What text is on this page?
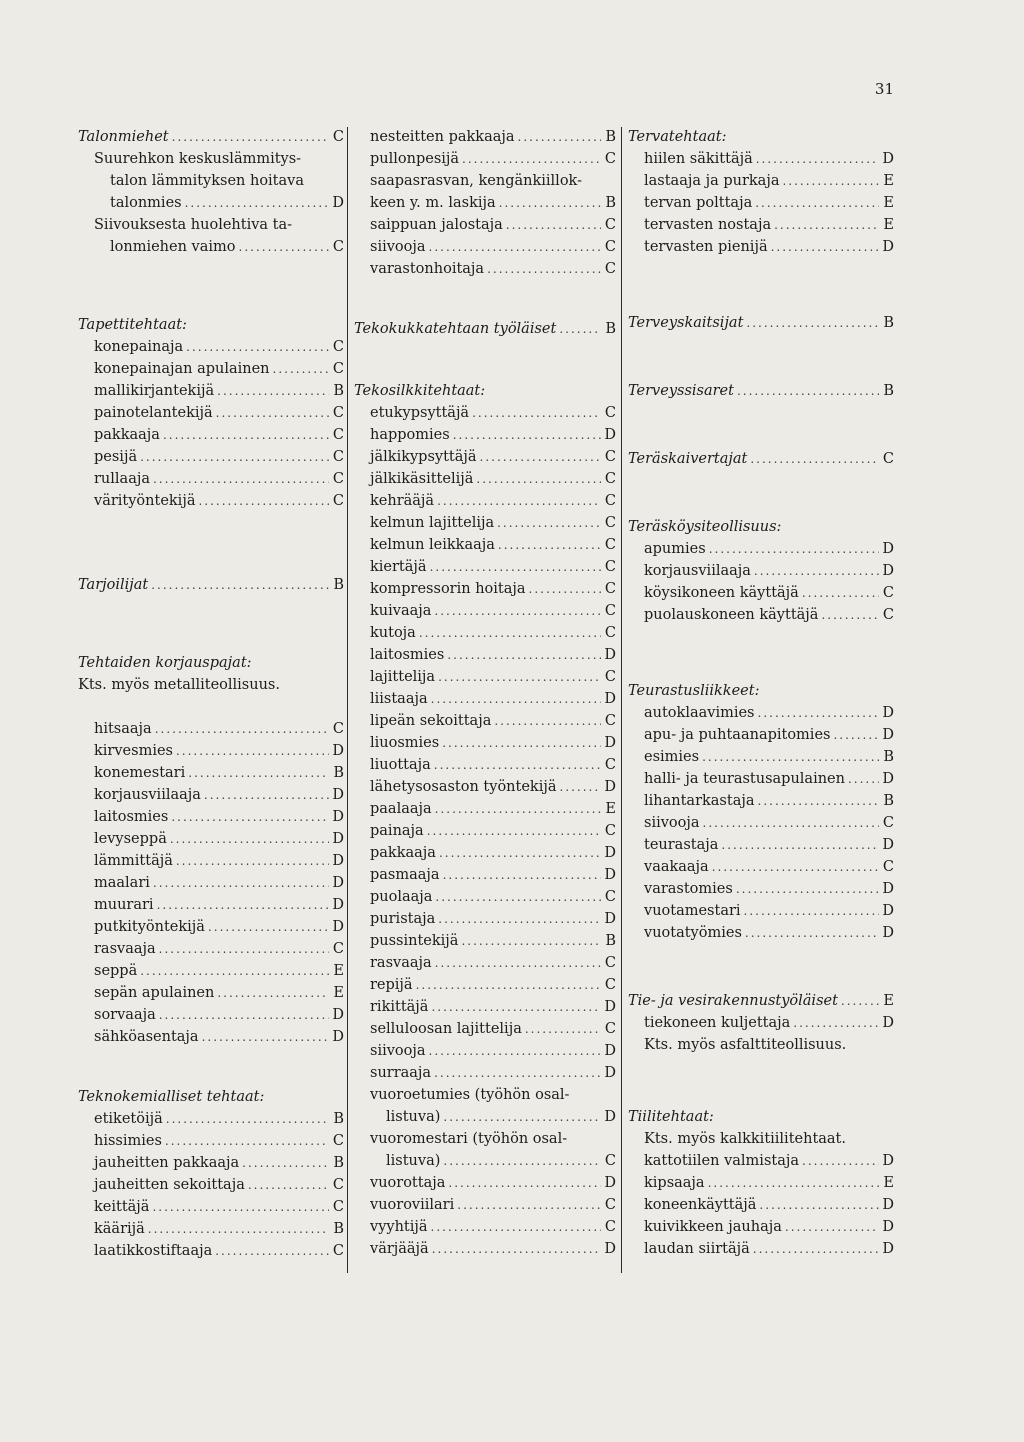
31
Talonmiehet .....	C
Suurehkon keskuslämmitys-
talon lämmityksen hoitava
talonmies .....	D
Siivouksesta huolehtiva ta-
lonmiehen vaimo .....	C
Tapettitehtaat:
konepainaja .....	C
konepainajan apulainen .....	C
mallikirjantekijä .....	B
painotelantekijä .....	C
pakkaaja .....	C
pesijä .....	C
rullaaja .....	C
värityöntekijä .....	C
Tarjoilijat .....	B
Tehtaiden korjauspajat:
Kts. myös metalliteollisuus.
hitsaaja .....	C
kirvesmies .....	D
konemestari .....	B
korjausviilaaja .....	D
laitosmies .....	D
levyseppä .....	D
lämmittäjä .....	D
maalari .....	D
muurari .....	D
putkityöntekijä .....	D
rasvaaja .....	C
seppä .....	E
sepän apulainen .....	E
sorvaaja .....	D
sähköasentaja .....	D
Teknokemialliset tehtaat:
etiketöijä .....	B
hissimies .....	C
jauheitten pakkaaja .....	B
jauheitten sekoittaja .....	C
keittäjä .....	C
käärijä .....	B
laatikkostiftaaja .....	C
nesteitten pakkaaja .....	B
pullonpesijä .....	C
saapasrasvan, kengänkiillok-
keen y. m. laskija .....	B
saippuan jalostaja .....	C
siivooja .....	C
varastonhoitaja .....	C
Tekokukkatehtaan työläiset .....	B
Tekosilkkitehtaat:
etukypsyttäjä .....	C
happomies .....	D
jälkikypsyttäjä .....	C
jälkikäsittelijä .....	C
kehrääjä .....	C
kelmun lajittelija .....	C
kelmun leikkaaja .....	C
kiertäjä .....	C
kompressorin hoitaja .....	C
kuivaaja .....	C
kutoja .....	C
laitosmies .....	D
lajittelija .....	C
liistaaja .....	D
lipeän sekoittaja .....	C
liuosmies .....	D
liuottaja .....	C
lähetysosaston työntekijä .....	D
paalaaja .....	E
painaja .....	C
pakkaaja .....	D
pasmaaja .....	D
puolaaja .....	C
puristaja .....	D
pussintekijä .....	B
rasvaaja .....	C
repijä .....	C
rikittäjä .....	D
selluloosan lajittelija .....	C
siivooja .....	D
surraaja .....	D
vuoroetumies (työhön osal-
listuva) .....	D
vuoromestari (työhön osal-
listuva) .....	C
vuorottaja .....	D
vuoroviilari .....	C
vyyhtijä .....	C
värjääjä .....	D
Tervatehtaat:
hiilen säkittäjä .....	D
lastaaja ja purkaja .....	E
tervan polttaja .....	E
tervasten nostaja .....	E
tervasten pienijä .....	D
Terveyskaitsijat .....	B
Terveyssisaret .....	B
Teräskaivertajat .....	C
Teräsköysiteollisuus:
apumies .....	D
korjausviilaaja .....	D
köysikoneen käyttäjä .....	C
puolauskoneen käyttäjä .....	C
Teurastusliikkeet:
autoklaavimies .....	D
apu- ja puhtaanapitomies .....	D
esimies .....	B
halli- ja teurastusapulainen .....	D
lihantarkastaja .....	B
siivooja .....	C
teurastaja .....	D
vaakaaja .....	C
varastomies .....	D
vuotamestari .....	D
vuotatyömies .....	D
Tie- ja vesirakennustyöläiset .....	E
tiekoneen kuljettaja .....	D
Kts. myös asfalttiteollisuus.
Tiilitehtaat:
Kts. myös kalkkitiilitehtaat.
kattotiilen valmistaja .....	D
kipsaaja .....	E
koneenkäyttäjä .....	D
kuivikkeen jauhaja .....	D
laudan siirtäjä .....	D
